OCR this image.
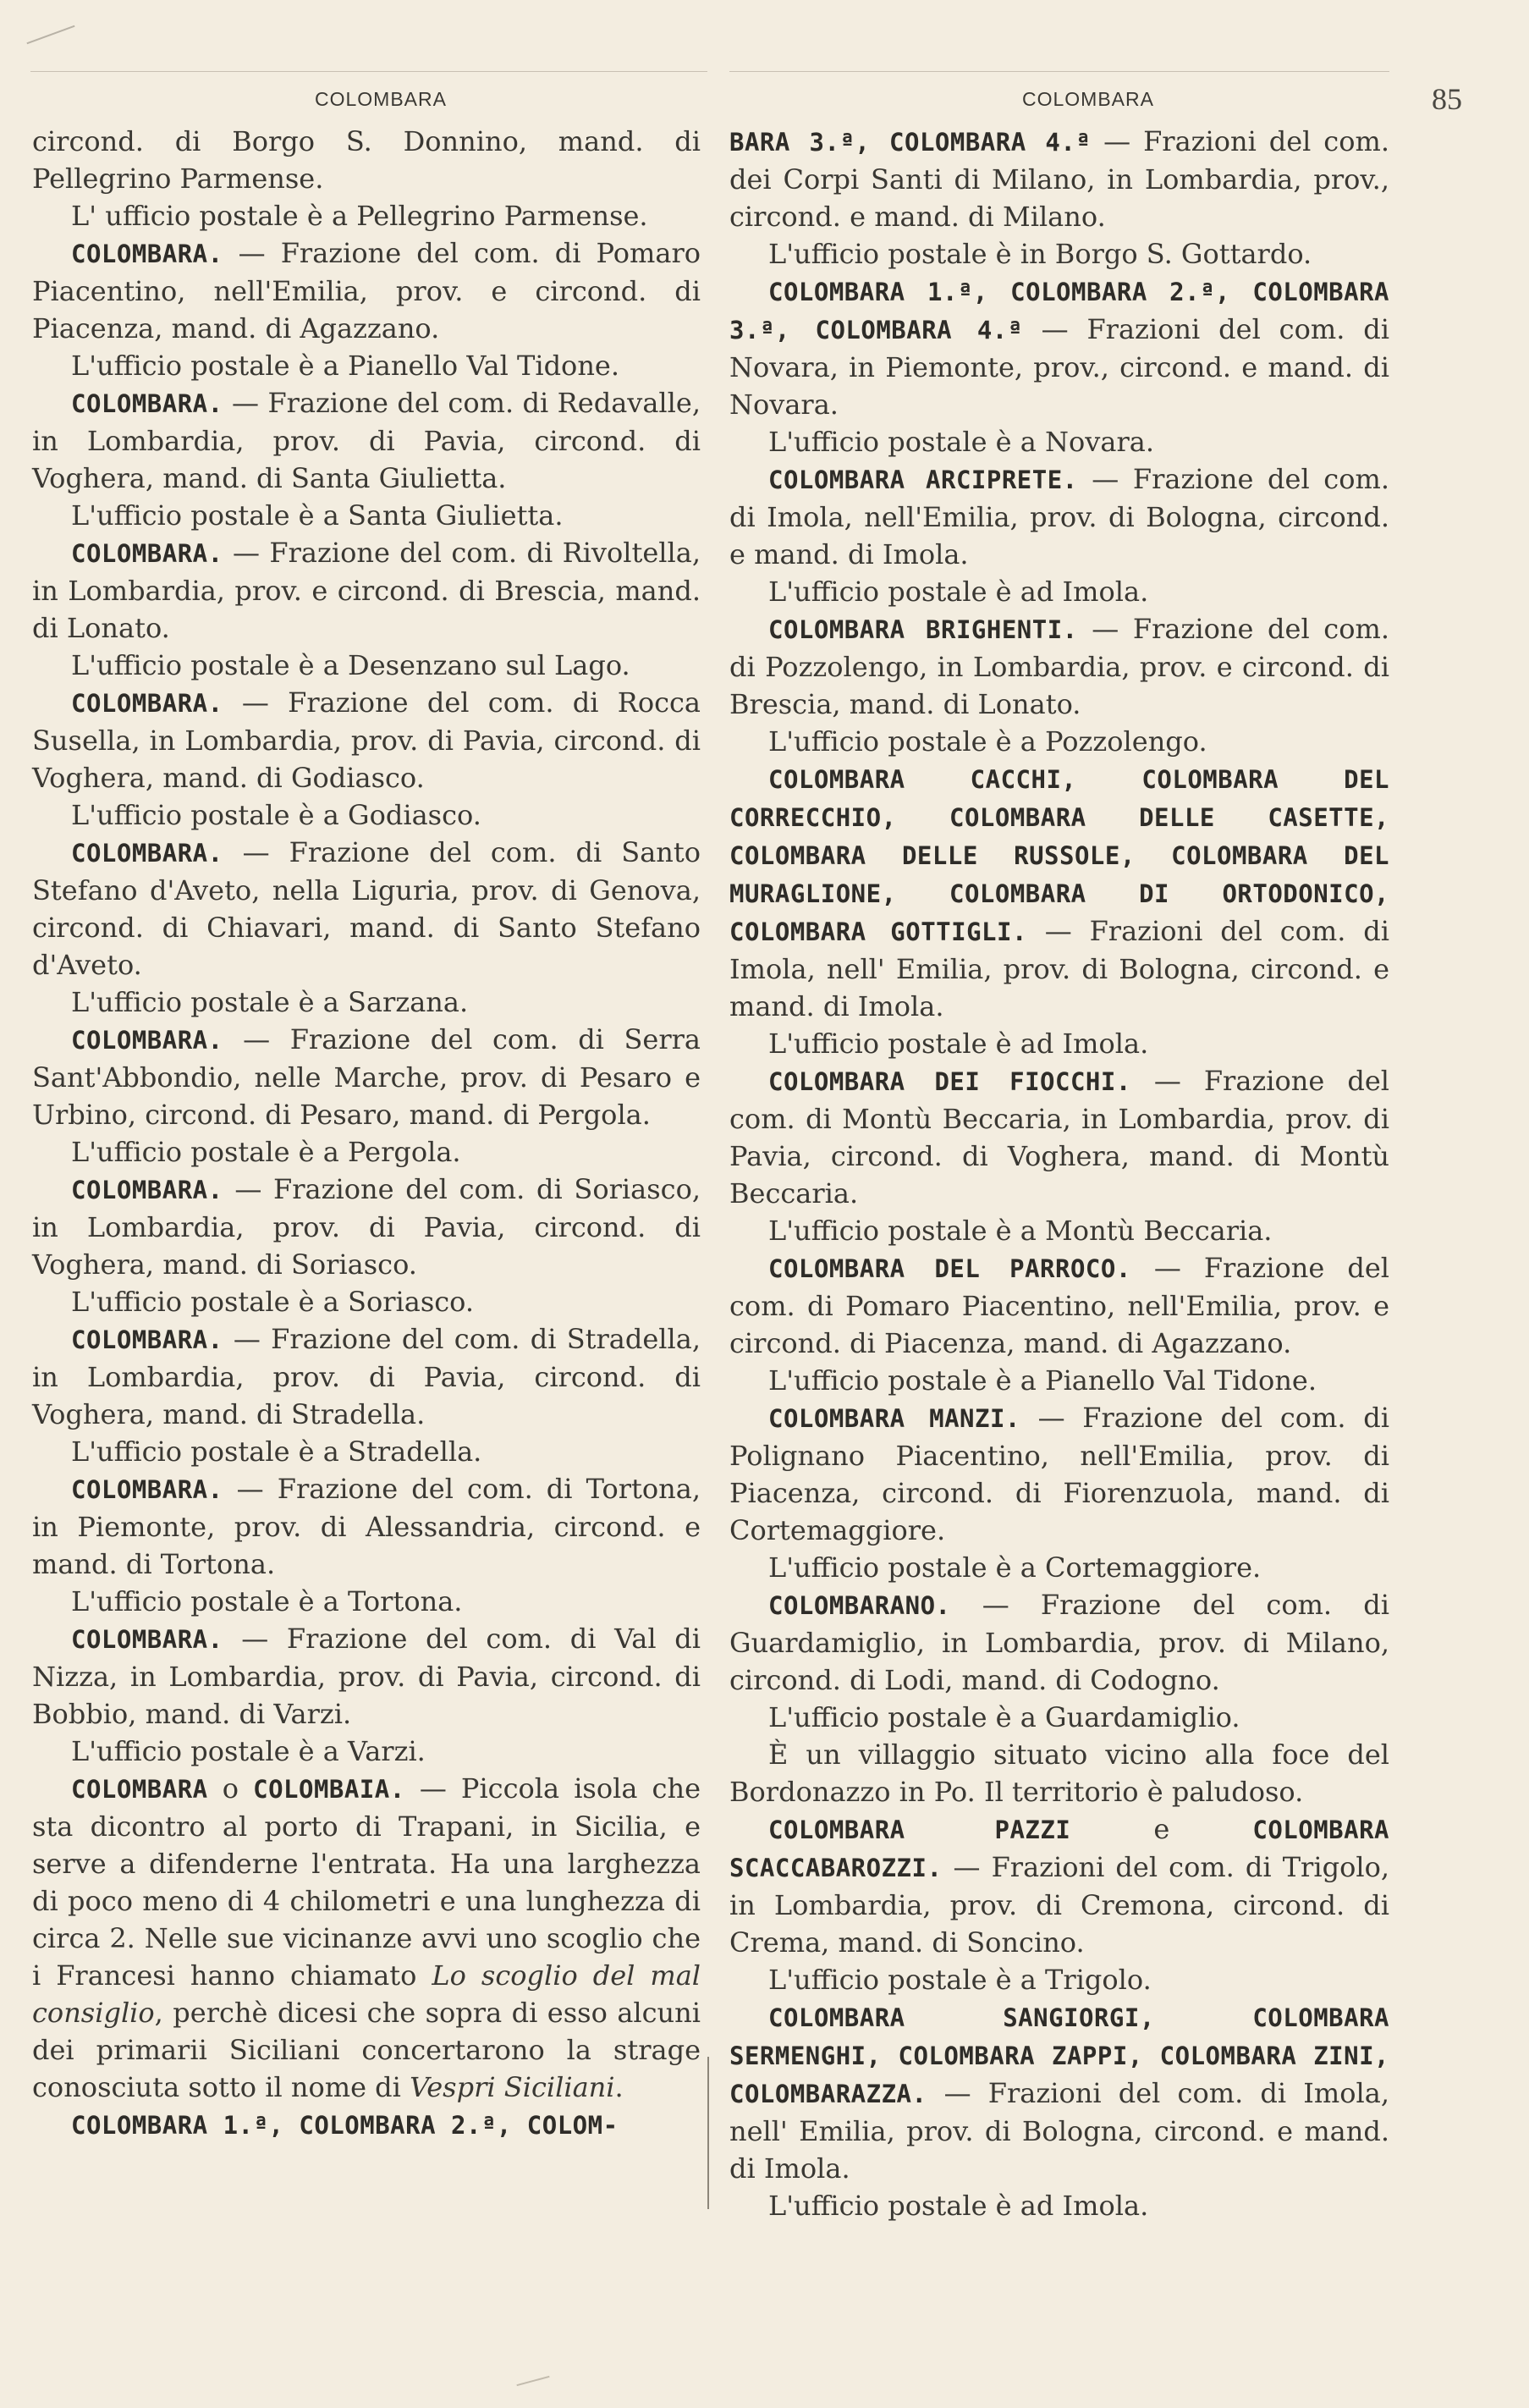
COLOMBARA	COLOMBARA	85

circond. di Borgo S. Donnino, mand. di Pellegrino Parmense.

L' ufficio postale è a Pellegrino Parmense.

COLOMBARA. — Frazione del com. di Pomaro Piacentino, nell'Emilia, prov. e circond. di Piacenza, mand. di Agazzano.

L'ufficio postale è a Pianello Val Tidone.

COLOMBARA. — Frazione del com. di Redavalle, in Lombardia, prov. di Pavia, circond. di Voghera, mand. di Santa Giulietta.

L'ufficio postale è a Santa Giulietta.

COLOMBARA. — Frazione del com. di Rivoltella, in Lombardia, prov. e circond. di Brescia, mand. di Lonato.

L'ufficio postale è a Desenzano sul Lago.

COLOMBARA. — Frazione del com. di Rocca Susella, in Lombardia, prov. di Pavia, circond. di Voghera, mand. di Godiasco.

L'ufficio postale è a Godiasco.

COLOMBARA. — Frazione del com. di Santo Stefano d'Aveto, nella Liguria, prov. di Genova, circond. di Chiavari, mand. di Santo Stefano d'Aveto.

L'ufficio postale è a Sarzana.

COLOMBARA. — Frazione del com. di Serra Sant'Abbondio, nelle Marche, prov. di Pesaro e Urbino, circond. di Pesaro, mand. di Pergola.

L'ufficio postale è a Pergola.

COLOMBARA. — Frazione del com. di Soriasco, in Lombardia, prov. di Pavia, circond. di Voghera, mand. di Soriasco.

L'ufficio postale è a Soriasco.

COLOMBARA. — Frazione del com. di Stradella, in Lombardia, prov. di Pavia, circond. di Voghera, mand. di Stradella.

L'ufficio postale è a Stradella.

COLOMBARA. — Frazione del com. di Tortona, in Piemonte, prov. di Alessandria, circond. e mand. di Tortona.

L'ufficio postale è a Tortona.

COLOMBARA. — Frazione del com. di Val di Nizza, in Lombardia, prov. di Pavia, circond. di Bobbio, mand. di Varzi.

L'ufficio postale è a Varzi.

COLOMBARA o COLOMBAIA. — Piccola isola che sta dicontro al porto di Trapani, in Sicilia, e serve a difenderne l'entrata. Ha una larghezza di poco meno di 4 chilometri e una lunghezza di circa 2. Nelle sue vicinanze avvi uno scoglio che i Francesi hanno chiamato Lo scoglio del mal consiglio, perchè dicesi che sopra di esso alcuni dei primarii Siciliani concertarono la strage conosciuta sotto il nome di Vespri Siciliani.

COLOMBARA 1.ª, COLOMBARA 2.ª, COLOM-

BARA 3.ª, COLOMBARA 4.ª — Frazioni del com. dei Corpi Santi di Milano, in Lombardia, prov., circond. e mand. di Milano.

L'ufficio postale è in Borgo S. Gottardo.

COLOMBARA 1.ª, COLOMBARA 2.ª, COLOMBARA 3.ª, COLOMBARA 4.ª — Frazioni del com. di Novara, in Piemonte, prov., circond. e mand. di Novara.

L'ufficio postale è a Novara.

COLOMBARA ARCIPRETE. — Frazione del com. di Imola, nell'Emilia, prov. di Bologna, circond. e mand. di Imola.

L'ufficio postale è ad Imola.

COLOMBARA BRIGHENTI. — Frazione del com. di Pozzolengo, in Lombardia, prov. e circond. di Brescia, mand. di Lonato.

L'ufficio postale è a Pozzolengo.

COLOMBARA CACCHI, COLOMBARA DEL CORRECCHIO, COLOMBARA DELLE CASETTE, COLOMBARA DELLE RUSSOLE, COLOMBARA DEL MURAGLIONE, COLOMBARA DI ORTODONICO, COLOMBARA GOTTIGLI. — Frazioni del com. di Imola, nell' Emilia, prov. di Bologna, circond. e mand. di Imola.

L'ufficio postale è ad Imola.

COLOMBARA DEI FIOCCHI. — Frazione del com. di Montù Beccaria, in Lombardia, prov. di Pavia, circond. di Voghera, mand. di Montù Beccaria.

L'ufficio postale è a Montù Beccaria.

COLOMBARA DEL PARROCO. — Frazione del com. di Pomaro Piacentino, nell'Emilia, prov. e circond. di Piacenza, mand. di Agazzano.

L'ufficio postale è a Pianello Val Tidone.

COLOMBARA MANZI. — Frazione del com. di Polignano Piacentino, nell'Emilia, prov. di Piacenza, circond. di Fiorenzuola, mand. di Cortemaggiore.

L'ufficio postale è a Cortemaggiore.

COLOMBARANO. — Frazione del com. di Guardamiglio, in Lombardia, prov. di Milano, circond. di Lodi, mand. di Codogno.

L'ufficio postale è a Guardamiglio.

È un villaggio situato vicino alla foce del Bordonazzo in Po. Il territorio è paludoso.

COLOMBARA PAZZI e COLOMBARA SCACCABAROZZI. — Frazioni del com. di Trigolo, in Lombardia, prov. di Cremona, circond. di Crema, mand. di Soncino.

L'ufficio postale è a Trigolo.

COLOMBARA SANGIORGI, COLOMBARA SERMENGHI, COLOMBARA ZAPPI, COLOMBARA ZINI, COLOMBARAZZA. — Frazioni del com. di Imola, nell' Emilia, prov. di Bologna, circond. e mand. di Imola.

L'ufficio postale è ad Imola.
